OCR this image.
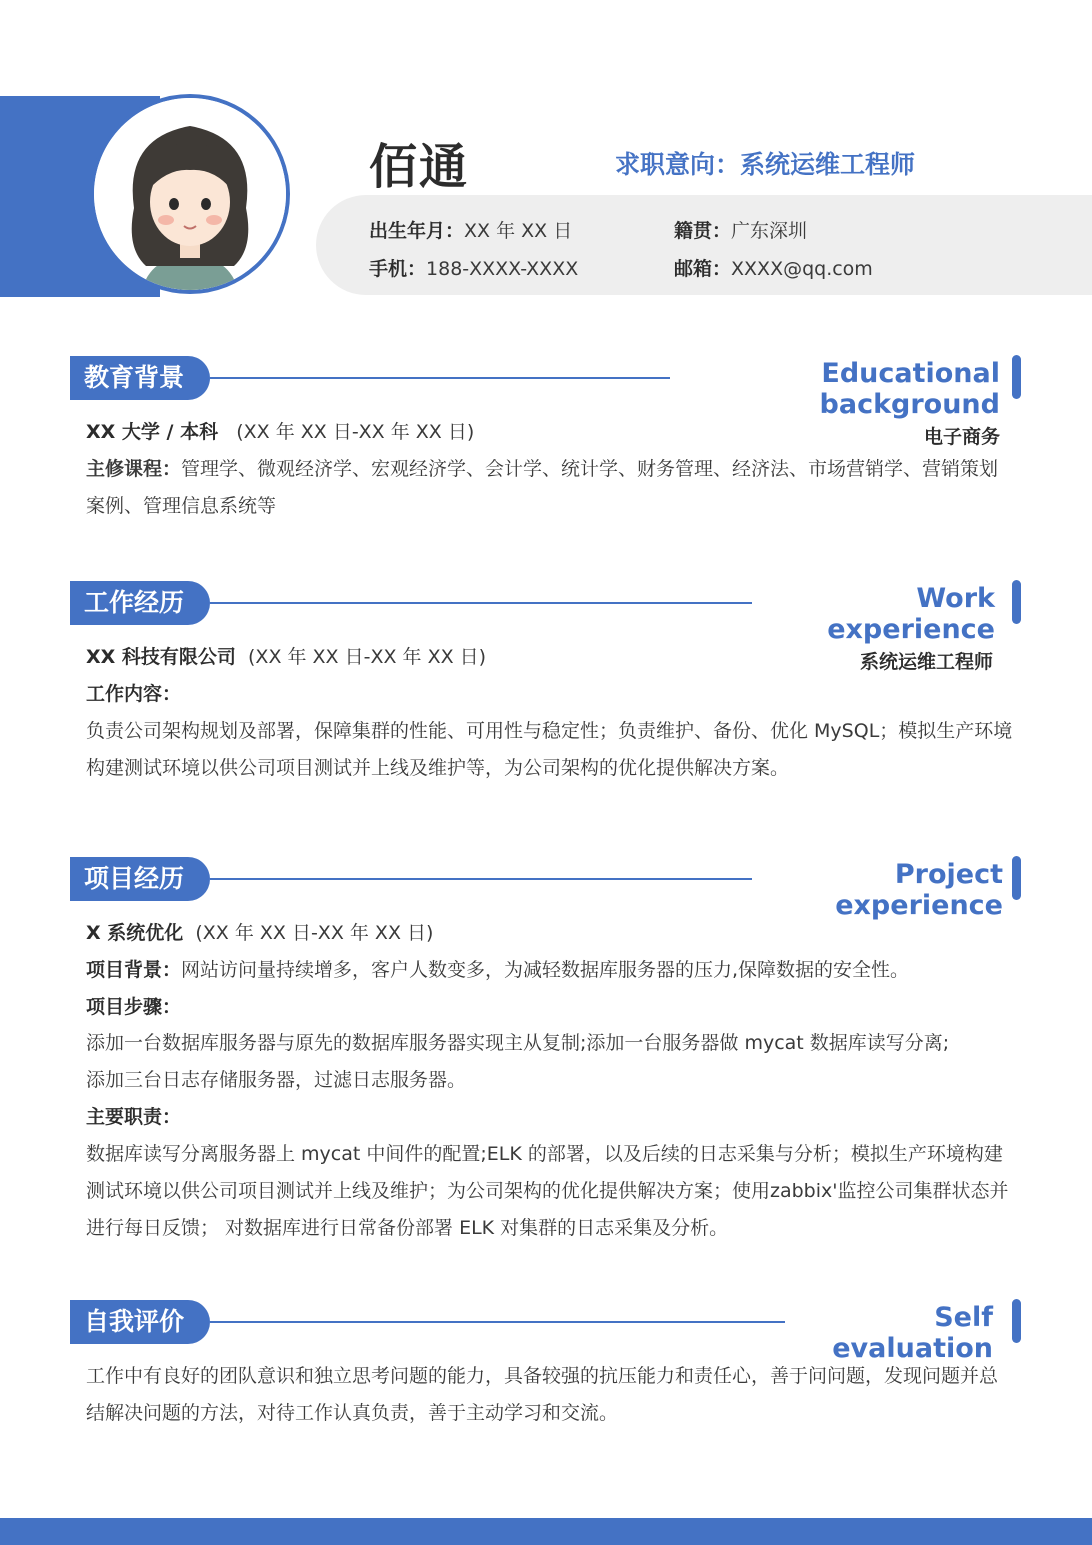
佰通	求职意向：系统运维工程师
出生年月：XX 年 XX 日	籍贯：广东深圳
手机：188-XXXX-XXXX	邮箱：XXXX@qq.com
教育背景	Educational background
XX 大学 / 本科 (XX 年 XX 日-XX 年 XX 日)	电子商务
主修课程：管理学、微观经济学、宏观经济学、会计学、统计学、财务管理、经济法、市场营销学、营销策划案例、管理信息系统等
工作经历	Work experience
XX 科技有限公司 (XX 年 XX 日-XX 年 XX 日)	系统运维工程师
工作内容：
负责公司架构规划及部署，保障集群的性能、可用性与稳定性；负责维护、备份、优化 MySQL；模拟生产环境构建测试环境以供公司项目测试并上线及维护等，为公司架构的优化提供解决方案。
项目经历	Project experience
X 系统优化 (XX 年 XX 日-XX 年 XX 日)
项目背景：网站访问量持续增多，客户人数变多，为减轻数据库服务器的压力,保障数据的安全性。
项目步骤：
添加一台数据库服务器与原先的数据库服务器实现主从复制;添加一台服务器做 mycat 数据库读写分离;
添加三台日志存储服务器，过滤日志服务器。
主要职责：
数据库读写分离服务器上 mycat 中间件的配置;ELK 的部署，以及后续的日志采集与分析；模拟生产环境构建测试环境以供公司项目测试并上线及维护；为公司架构的优化提供解决方案；使用zabbix'监控公司集群状态并进行每日反馈； 对数据库进行日常备份部署 ELK 对集群的日志采集及分析。
自我评价	Self evaluation
工作中有良好的团队意识和独立思考问题的能力，具备较强的抗压能力和责任心，善于问问题，发现问题并总结解决问题的方法，对待工作认真负责，善于主动学习和交流。
